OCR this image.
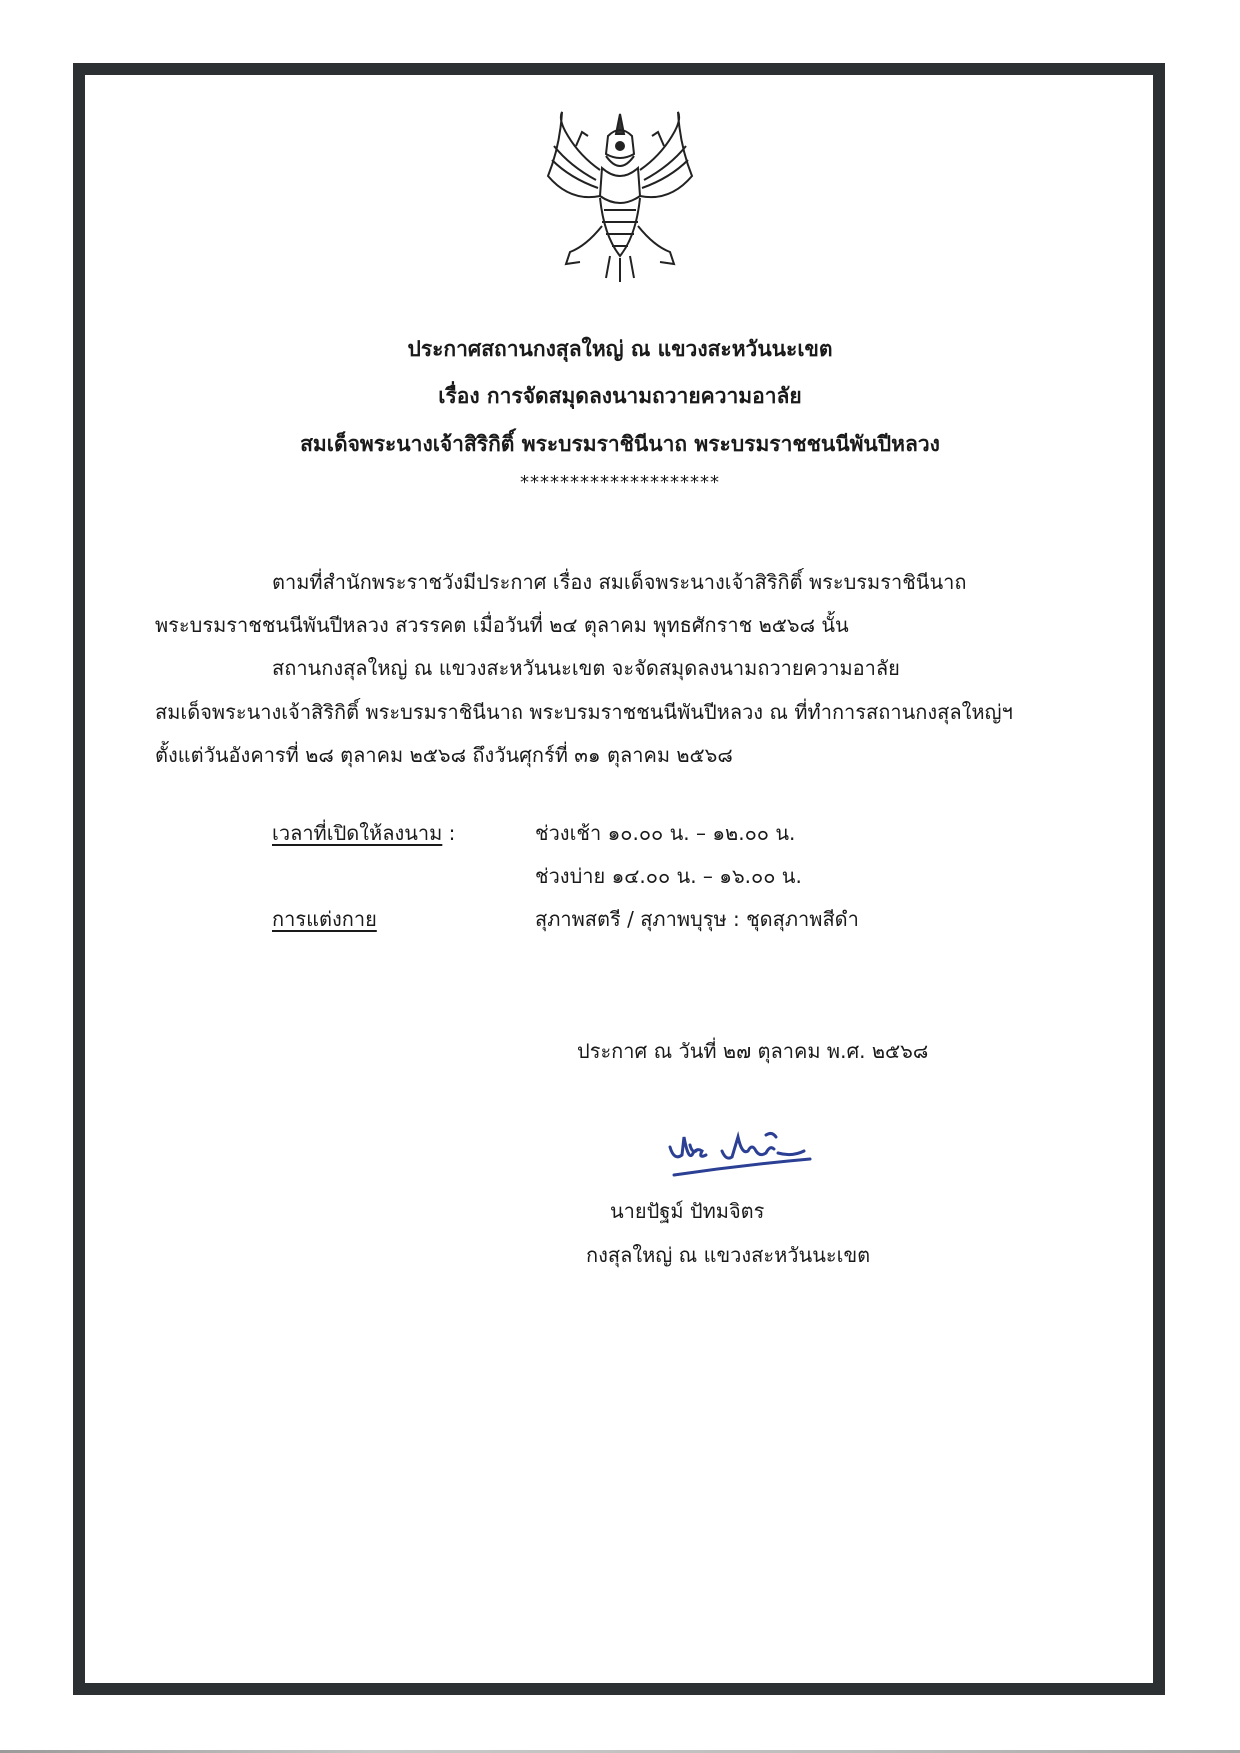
ประกาศสถานกงสุลใหญ่ ณ แขวงสะหวันนะเขต
เรื่อง การจัดสมุดลงนามถวายความอาลัย
สมเด็จพระนางเจ้าสิริกิติ์ พระบรมราชินีนาถ พระบรมราชชนนีพันปีหลวง
********************
ตามที่สำนักพระราชวังมีประกาศ เรื่อง สมเด็จพระนางเจ้าสิริกิติ์ พระบรมราชินีนาถ
พระบรมราชชนนีพันปีหลวง สวรรคต เมื่อวันที่ ๒๔ ตุลาคม พุทธศักราช ๒๕๖๘ นั้น
สถานกงสุลใหญ่ ณ แขวงสะหวันนะเขต จะจัดสมุดลงนามถวายความอาลัย
สมเด็จพระนางเจ้าสิริกิติ์ พระบรมราชินีนาถ พระบรมราชชนนีพันปีหลวง ณ ที่ทำการสถานกงสุลใหญ่ฯ
ตั้งแต่วันอังคารที่ ๒๘ ตุลาคม ๒๕๖๘ ถึงวันศุกร์ที่ ๓๑ ตุลาคม ๒๕๖๘
เวลาที่เปิดให้ลงนาม :	ช่วงเช้า ๑๐.๐๐ น. – ๑๒.๐๐ น.
ช่วงบ่าย ๑๔.๐๐ น. – ๑๖.๐๐ น.
การแต่งกาย	สุภาพสตรี / สุภาพบุรุษ : ชุดสุภาพสีดำ
ประกาศ ณ วันที่ ๒๗ ตุลาคม พ.ศ. ๒๕๖๘
นายปัฐม์ ปัทมจิตร
กงสุลใหญ่ ณ แขวงสะหวันนะเขต
